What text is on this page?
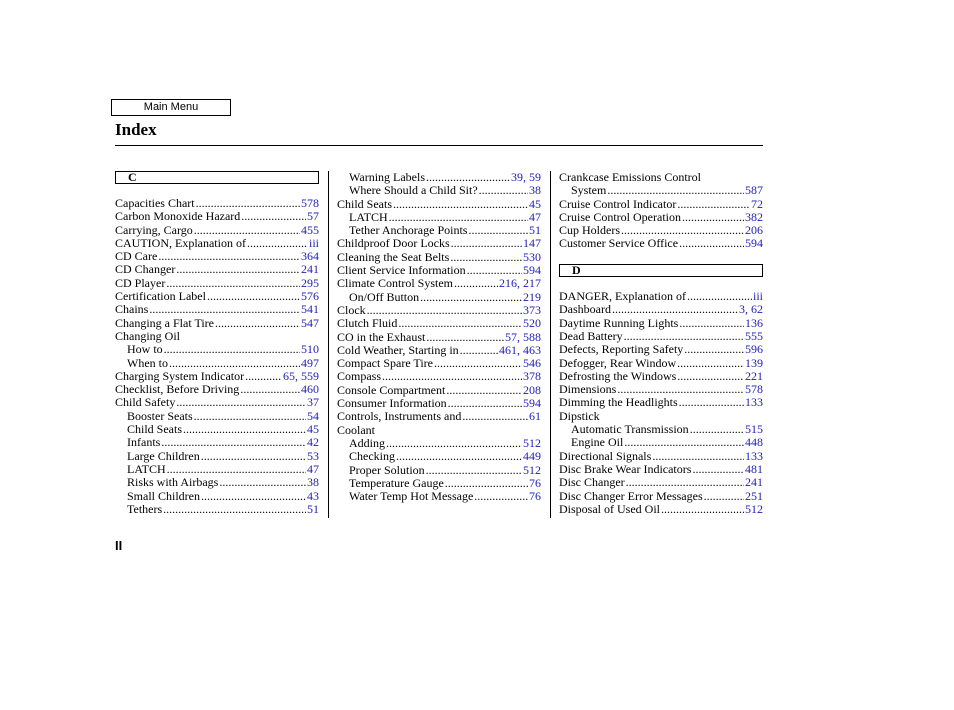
Main Menu
Index
C
Capacities Chart .....	578
Carbon Monoxide Hazard .....	57
Carrying, Cargo .....	455
CAUTION, Explanation of .....	iii
CD Care .....	364
CD Changer .....	241
CD Player .....	295
Certification Label .....	576
Chains .....	541
Changing a Flat Tire .....	547
Changing Oil
How to .....	510
When to .....	497
Charging System Indicator .....	65, 559
Checklist, Before Driving .....	460
Child Safety .....	37
Booster Seats .....	54
Child Seats .....	45
Infants .....	42
Large Children .....	53
LATCH .....	47
Risks with Airbags .....	38
Small Children .....	43
Tethers .....	51
Warning Labels .....	39, 59
Where Should a Child Sit? .....	38
Child Seats .....	45
LATCH .....	47
Tether Anchorage Points .....	51
Childproof Door Locks .....	147
Cleaning the Seat Belts .....	530
Client Service Information .....	594
Climate Control System .....	216, 217
On/Off Button .....	219
Clock .....	373
Clutch Fluid .....	520
CO in the Exhaust .....	57, 588
Cold Weather, Starting in .....	461, 463
Compact Spare Tire .....	546
Compass .....	378
Console Compartment .....	208
Consumer Information .....	594
Controls, Instruments and .....	61
Coolant
Adding .....	512
Checking .....	449
Proper Solution .....	512
Temperature Gauge .....	76
Water Temp Hot Message .....	76
Crankcase Emissions Control
System .....	587
Cruise Control Indicator .....	72
Cruise Control Operation .....	382
Cup Holders .....	206
Customer Service Office .....	594
D
DANGER, Explanation of .....	iii
Dashboard .....	3, 62
Daytime Running Lights .....	136
Dead Battery .....	555
Defects, Reporting Safety .....	596
Defogger, Rear Window .....	139
Defrosting the Windows .....	221
Dimensions .....	578
Dimming the Headlights .....	133
Dipstick
Automatic Transmission .....	515
Engine Oil .....	448
Directional Signals .....	133
Disc Brake Wear Indicators .....	481
Disc Changer .....	241
Disc Changer Error Messages .....	251
Disposal of Used Oil .....	512
II
